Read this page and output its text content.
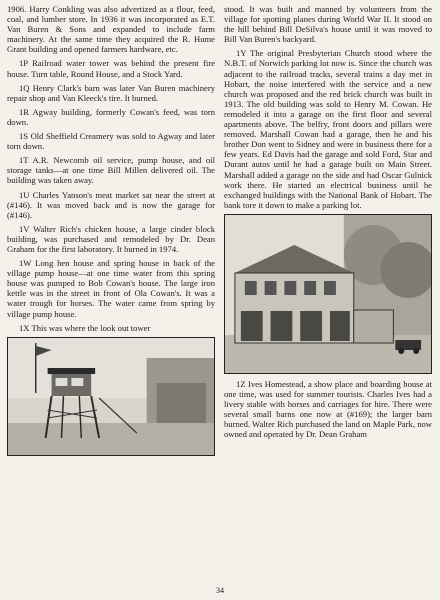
1906. Harry Conkling was also advertized as a flour, feed, coal, and lumber store. In 1936 it was incorporated as E.T. Van Buren & Sons and expanded to include farm machinery. At the same time they acquired the R. Hume Grant building and opened farmers hardware, etc.

1P Railroad water tower was behind the present fire house. Turn table, Round House, and a Stock Yard.

1Q Henry Clark's barn was later Van Buren machinery repair shop and Van Kleeck's tire. It burned.

1R Agway building, formerly Cowan's feed, was torn down.

1S Old Sheffield Creamery was sold to Agway and later torn down.

1T A.R. Newcomb oil service, pump house, and oil storage tanks—at one time Bill Millen delivered oil. The building was taken away.

1U Charles Yanson's meat market sat near the street at (#146). It was moved back and is now the garage for (#146).

1V Walter Rich's chicken house, a large cinder block building, was purchased and remodeled by Dr. Dean Graham for the first laboratory. It burned in 1974.

1W Long hen house and spring house in back of the village pump house—at one time water from this spring house was pumped to Bob Cowan's house. The large iron kettle was in the street in front of Ola Cowan's. It was a water trough for horses. The water came from spring by village pump house.

1X This was where the look out tower

stood. It was built and manned by volunteers from the village for spotting planes during World War II. It stood on the hill behind Bill DeSilva's house until it was moved to Bill Van Buren's backyard.

1Y The original Presbyterian Church stood where the N.B.T. of Norwich parking lot now is. Since the church was adjacent to the railroad tracks, several trains a day met in Hobart, the noise interfered with the service and a new church was proposed and the red brick church was built in 1913. The old building was sold to Henry M. Cowan. He remodeled it into a garage on the first floor and several apartments above. The belfry, front doors and pillars were removed. Marshall Cowan had a garage, then he and his brother Don went to Sidney and were in business there for a few years. Ed Davis had the garage and sold Ford, Star and Durant autos until he had a garage built on Main Street. Marshall added a garage on the side and had Oscar Gulnick work there. He started an electrical business until he exchanged buildings with the National Bank of Hobart. The bank tore it down to make a parking lot.

1Z Ives Homestead, a show place and boarding house at one time, was used for summer tourists. Charles Ives had a livery stable with horses and carriages for hire. There were several small barns one now at (#169); the larger barn burned. Walter Rich purchased the land on Maple Park, now owned and operated by Dr. Dean Graham

34
